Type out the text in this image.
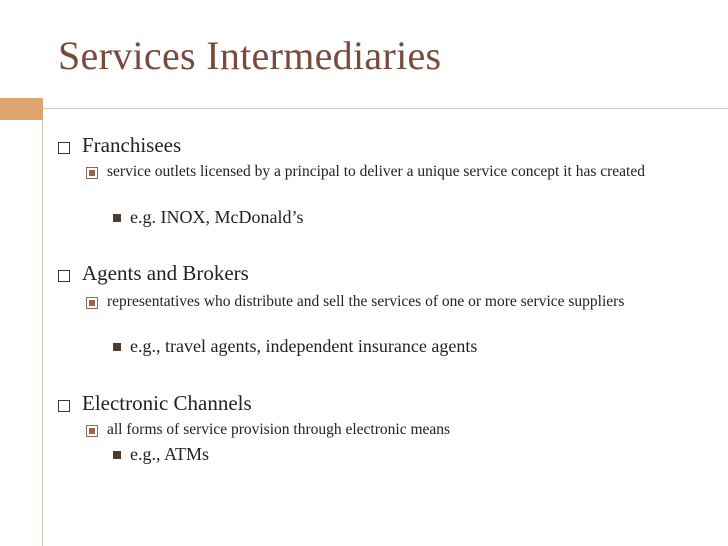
Services Intermediaries
Franchisees
service outlets licensed by a principal to deliver a unique service concept it has created
e.g. INOX, McDonald’s
Agents and Brokers
representatives who distribute and sell the services of one or more service suppliers
e.g., travel agents, independent insurance agents
Electronic Channels
all forms of service provision through electronic means
e.g., ATMs
